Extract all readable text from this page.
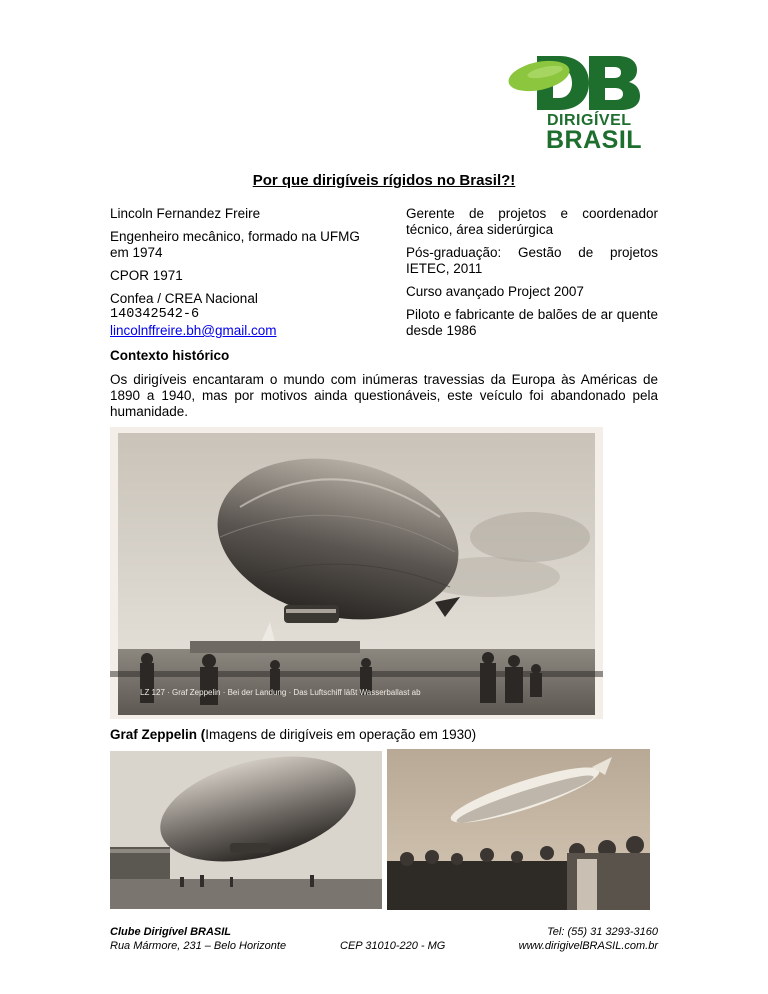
DIRIGÍVEL
BRASIL
Por que dirigíveis rígidos no Brasil?!

Lincoln Fernandez Freire

Engenheiro mecânico, formado na UFMG em 1974

CPOR 1971

Confea / CREA Nacional

140342542-6
lincolnffreire.bh@gmail.com

Gerente de projetos e coordenador técnico, área siderúrgica

Pós-graduação: Gestão de projetos IETEC, 2011

Curso avançado Project 2007

Piloto e fabricante de balões de ar quente desde 1986

Contexto histórico
Os dirigíveis encantaram o mundo com inúmeras travessias da Europa às Américas de 1890 a 1940, mas por motivos ainda questionáveis, este veículo foi abandonado pela humanidade.
LZ 127 · Graf Zeppelin · Bei der Landung · Das Luftschiff läßt Wasserballast ab
Graf Zeppelin (Imagens de dirigíveis em operação em 1930)
Clube Dirigível BRASIL
Rua Mármore, 231 – Belo Horizonte	CEP 31010-220 - MG
Tel: (55) 31 3293-3160
www.dirigivelBRASIL.com.br
